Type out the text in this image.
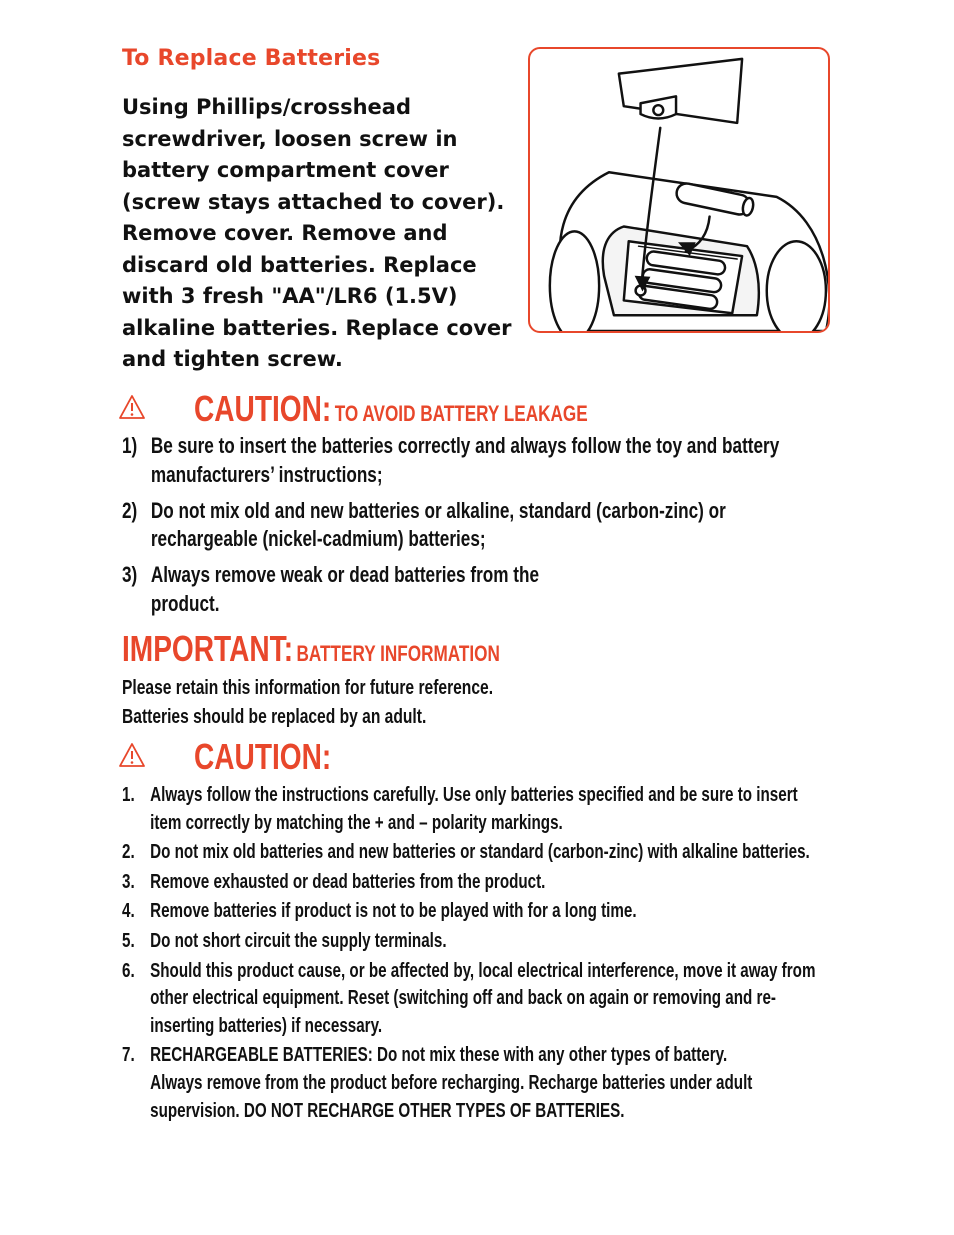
To Replace Batteries
Using Phillips/crosshead
screwdriver, loosen screw in
battery compartment cover
(screw stays attached to cover).
Remove cover. Remove and
discard old batteries. Replace
with 3 fresh "AA"/LR6 (1.5V)
alkaline batteries. Replace cover
and tighten screw.
CAUTION: TO AVOID BATTERY LEAKAGE
1) Be sure to insert the batteries correctly and always follow the toy and battery manufacturers’ instructions;
2) Do not mix old and new batteries or alkaline, standard (carbon-zinc) or rechargeable (nickel-cadmium) batteries;
3) Always remove weak or dead batteries from the product.
IMPORTANT: BATTERY INFORMATION
Please retain this information for future reference.
Batteries should be replaced by an adult.
CAUTION:
1. Always follow the instructions carefully. Use only batteries specified and be sure to insert item correctly by matching the + and – polarity markings.
2. Do not mix old batteries and new batteries or standard (carbon-zinc) with alkaline batteries.
3. Remove exhausted or dead batteries from the product.
4. Remove batteries if product is not to be played with for a long time.
5. Do not short circuit the supply terminals.
6. Should this product cause, or be affected by, local electrical interference, move it away from other electrical equipment. Reset (switching off and back on again or removing and re-inserting batteries) if necessary.
7. RECHARGEABLE BATTERIES: Do not mix these with any other types of battery. Always remove from the product before recharging. Recharge batteries under adult supervision. DO NOT RECHARGE OTHER TYPES OF BATTERIES.
